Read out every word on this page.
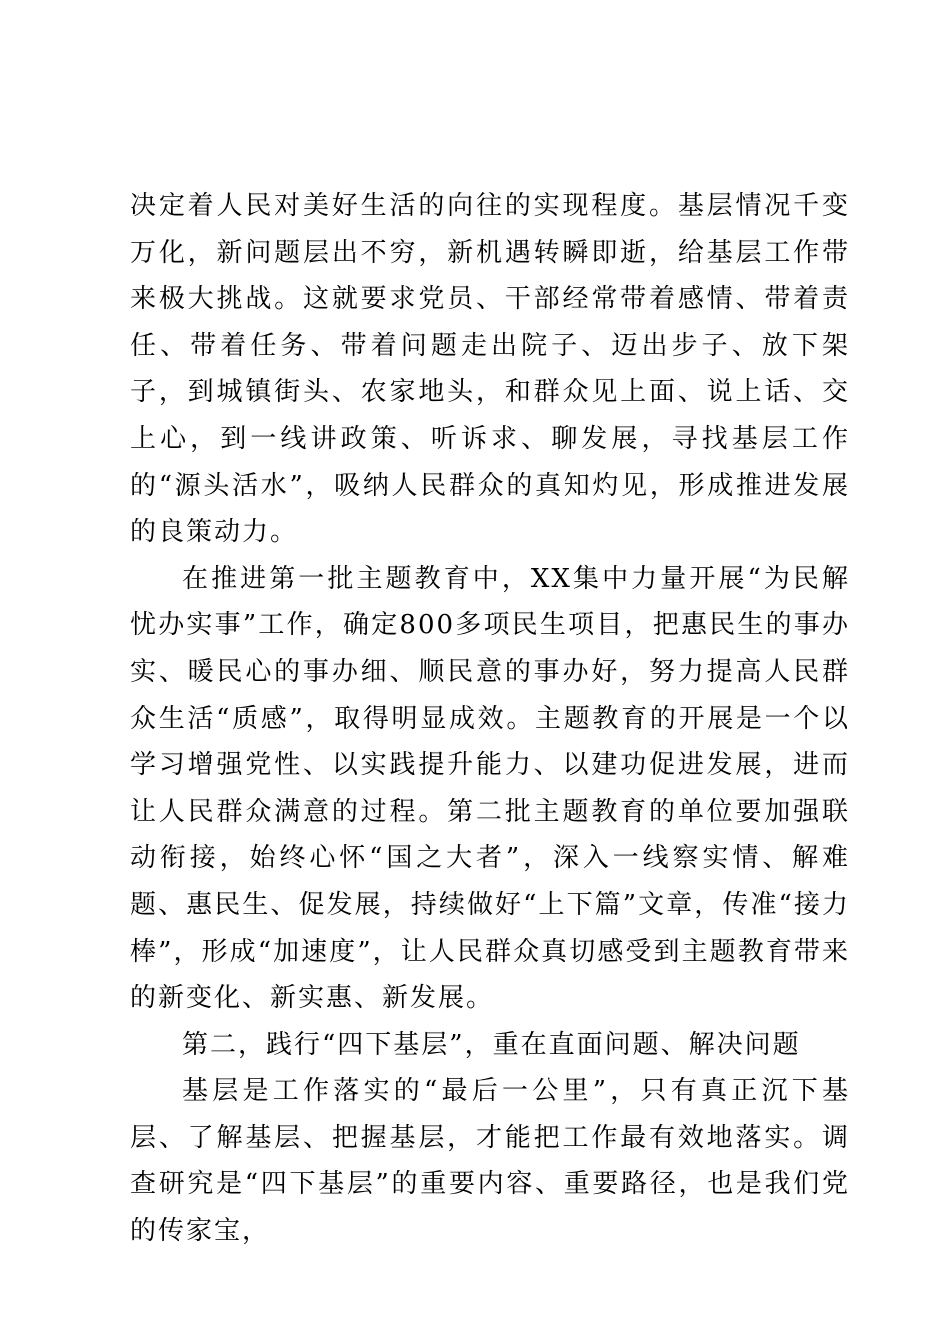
决定着人民对美好生活的向往的实现程度。基层情况千变万化，新问题层出不穷，新机遇转瞬即逝，给基层工作带来极大挑战。这就要求党员、干部经常带着感情、带着责任、带着任务、带着问题走出院子、迈出步子、放下架子，到城镇街头、农家地头，和群众见上面、说上话、交上心，到一线讲政策、听诉求、聊发展，寻找基层工作的“源头活水”，吸纳人民群众的真知灼见，形成推进发展的良策动力。

在推进第一批主题教育中，XX集中力量开展“为民解忧办实事”工作，确定800多项民生项目，把惠民生的事办实、暖民心的事办细、顺民意的事办好，努力提高人民群众生活“质感”，取得明显成效。主题教育的开展是一个以学习增强党性、以实践提升能力、以建功促进发展，进而让人民群众满意的过程。第二批主题教育的单位要加强联动衔接，始终心怀“国之大者”，深入一线察实情、解难题、惠民生、促发展，持续做好“上下篇”文章，传准“接力棒”，形成“加速度”，让人民群众真切感受到主题教育带来的新变化、新实惠、新发展。

第二，践行“四下基层”，重在直面问题、解决问题

基层是工作落实的“最后一公里”，只有真正沉下基层、了解基层、把握基层，才能把工作最有效地落实。调查研究是“四下基层”的重要内容、重要路径，也是我们党的传家宝，
